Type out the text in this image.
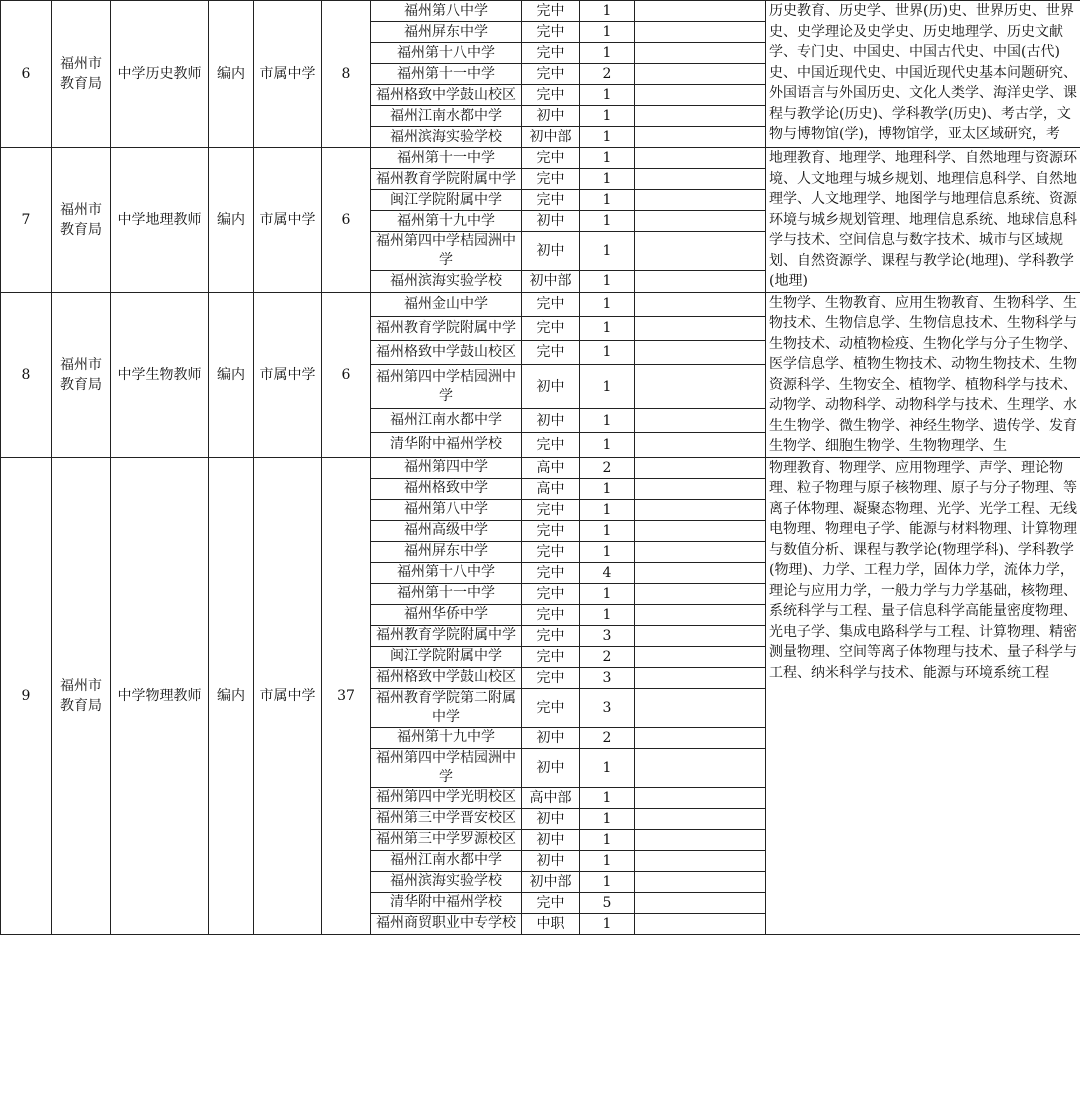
6	福州市教育局	中学历史教师	编内	市属中学	8	福州第八中学	完中	1		历史教育、历史学、世界(历)史、世界历史、世界史、史学理论及史学史、历史地理学、历史文献学、专门史、中国史、中国古代史、中国(古代)史、中国近现代史、中国近现代史基本问题研究、外国语言与外国历史、文化人类学、海洋史学、课程与教学论(历史)、学科教学(历史)、考古学，文物与博物馆(学)，博物馆学，亚太区域研究，考
						福州屏东中学	完中	1		
						福州第十八中学	完中	1		
						福州第十一中学	完中	2		
						福州格致中学鼓山校区	完中	1		
						福州江南水都中学	初中	1		
						福州滨海实验学校	初中部	1		
7	福州市教育局	中学地理教师	编内	市属中学	6	福州第十一中学	完中	1		地理教育、地理学、地理科学、自然地理与资源环境、人文地理与城乡规划、地理信息科学、自然地理学、人文地理学、地图学与地理信息系统、资源环境与城乡规划管理、地理信息系统、地球信息科学与技术、空间信息与数字技术、城市与区域规划、自然资源学、课程与教学论(地理)、学科教学(地理)
						福州教育学院附属中学	完中	1		
						闽江学院附属中学	完中	1		
						福州第十九中学	初中	1		
						福州第四中学桔园洲中学	初中	1		
						福州滨海实验学校	初中部	1		
8	福州市教育局	中学生物教师	编内	市属中学	6	福州金山中学	完中	1		生物学、生物教育、应用生物教育、生物科学、生物技术、生物信息学、生物信息技术、生物科学与生物技术、动植物检疫、生物化学与分子生物学、医学信息学、植物生物技术、动物生物技术、生物资源科学、生物安全、植物学、植物科学与技术、动物学、动物科学、动物科学与技术、生理学、水生生物学、微生物学、神经生物学、遗传学、发育生物学、细胞生物学、生物物理学、生
						福州教育学院附属中学	完中	1		
						福州格致中学鼓山校区	完中	1		
						福州第四中学桔园洲中学	初中	1		
						福州江南水都中学	初中	1		
						清华附中福州学校	完中	1		
9	福州市教育局	中学物理教师	编内	市属中学	37	福州第四中学	高中	2		物理教育、物理学、应用物理学、声学、理论物理、粒子物理与原子核物理、原子与分子物理、等离子体物理、凝聚态物理、光学、光学工程、无线电物理、物理电子学、能源与材料物理、计算物理与数值分析、课程与教学论(物理学科)、学科教学(物理)、力学、工程力学，固体力学，流体力学，理论与应用力学，一般力学与力学基础，核物理、系统科学与工程、量子信息科学高能量密度物理、光电子学、集成电路科学与工程、计算物理、精密测量物理、空间等离子体物理与技术、量子科学与工程、纳米科学与技术、能源与环境系统工程
						福州格致中学	高中	1		
						福州第八中学	完中	1		
						福州高级中学	完中	1		
						福州屏东中学	完中	1		
						福州第十八中学	完中	4		
						福州第十一中学	完中	1		
						福州华侨中学	完中	1		
						福州教育学院附属中学	完中	3		
						闽江学院附属中学	完中	2		
						福州格致中学鼓山校区	完中	3		
						福州教育学院第二附属中学	完中	3		
						福州第十九中学	初中	2		
						福州第四中学桔园洲中学	初中	1		
						福州第四中学光明校区	高中部	1		
						福州第三中学晋安校区	初中	1		
						福州第三中学罗源校区	初中	1		
						福州江南水都中学	初中	1		
						福州滨海实验学校	初中部	1		
						清华附中福州学校	完中	5		
						福州商贸职业中专学校	中职	1		
